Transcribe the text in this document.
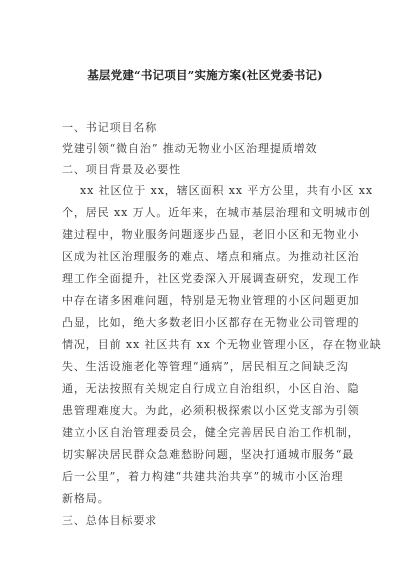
基层党建“书记项目”实施方案(社区党委书记)
一、书记项目名称
党建引领“微自治” 推动无物业小区治理提质增效
二、项目背景及必要性
xx 社区位于 xx，辖区面积 xx 平方公里，共有小区 xx
个，居民 xx 万人。近年来，在城市基层治理和文明城市创
建过程中，物业服务问题逐步凸显，老旧小区和无物业小
区成为社区治理服务的难点、堵点和痛点。为推动社区治
理工作全面提升，社区党委深入开展调查研究，发现工作
中存在诸多困难问题，特别是无物业管理的小区问题更加
凸显，比如，绝大多数老旧小区都存在无物业公司管理的
情况，目前 xx 社区共有 xx 个无物业管理小区，存在物业缺
失、生活设施老化等管理“通病”，居民相互之间缺乏沟
通，无法按照有关规定自行成立自治组织，小区自治、隐
患管理难度大。为此，必须积极探索以小区党支部为引领
建立小区自治管理委员会，健全完善居民自治工作机制，
切实解决居民群众急难愁盼问题，坚决打通城市服务“最
后一公里”，着力构建“共建共治共享”的城市小区治理
新格局。
三、总体目标要求
